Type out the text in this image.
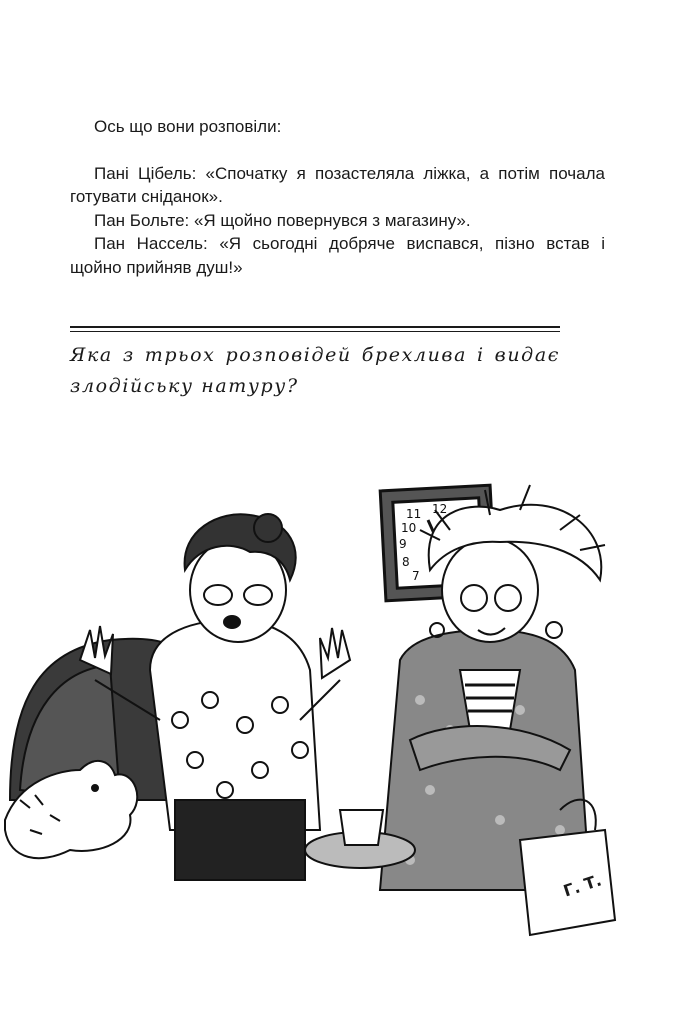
Ось що вони розповіли:

Пані Цібель: «Спочатку я позастеляла ліжка, а потім почала готувати сніданок».

Пан Больте: «Я щойно повернувся з магазину».

Пан Нассель: «Я сьогодні добряче виспався, пізно встав і щойно прийняв душ!»

Яка з трьох розповідей брехлива і видає злодійську натуру?

11 12
10
9
8
7
Г. Т.
